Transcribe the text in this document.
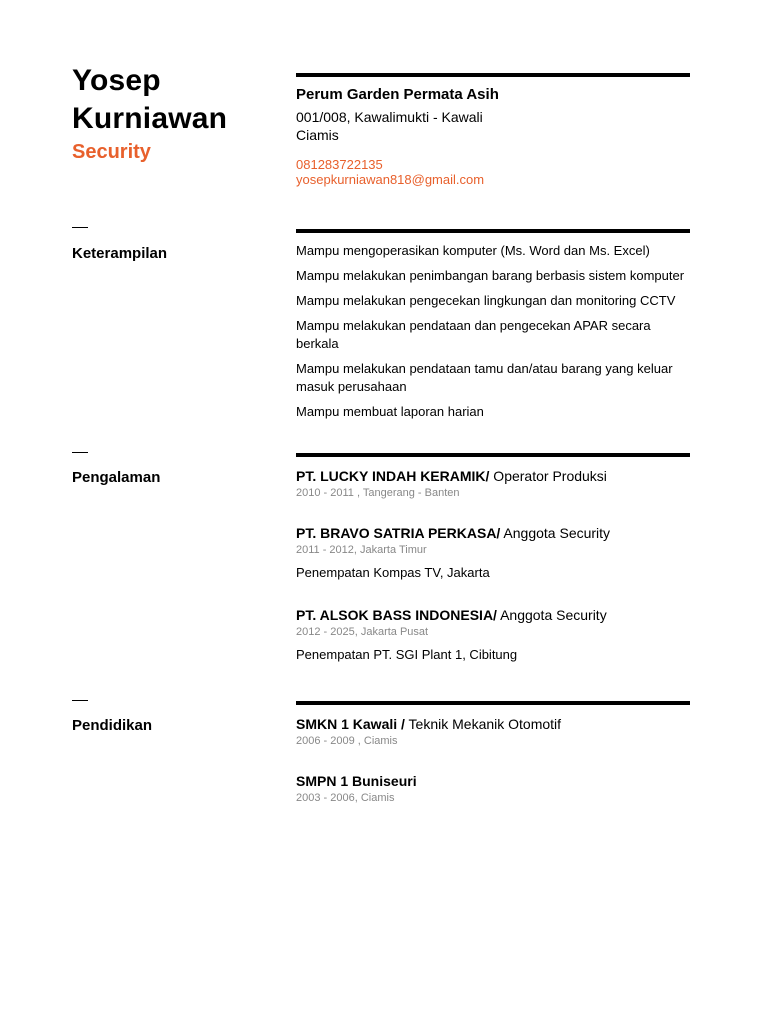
Yosep
Kurniawan
Security
Perum Garden Permata Asih
001/008, Kawalimukti - Kawali
Ciamis
081283722135
yosepkurniawan818@gmail.com
Keterampilan	Mampu mengoperasikan komputer (Ms. Word dan Ms. Excel)
Mampu melakukan penimbangan barang berbasis sistem komputer
Mampu melakukan pengecekan lingkungan dan monitoring CCTV
Mampu melakukan pendataan dan pengecekan APAR secara berkala
Mampu melakukan pendataan tamu dan/atau barang yang keluar masuk perusahaan
Mampu membuat laporan harian
Pengalaman	PT. LUCKY INDAH KERAMIK/ Operator Produksi

2010 - 2011 , Tangerang - Banten

PT. BRAVO SATRIA PERKASA/ Anggota Security

2011 - 2012, Jakarta Timur

Penempatan Kompas TV, Jakarta

PT. ALSOK BASS INDONESIA/ Anggota Security

2012 - 2025, Jakarta Pusat

Penempatan PT. SGI Plant 1, Cibitung

Pendidikan	SMKN 1 Kawali / Teknik Mekanik Otomotif

2006 - 2009 , Ciamis

SMPN 1 Buniseuri

2003 - 2006, Ciamis
